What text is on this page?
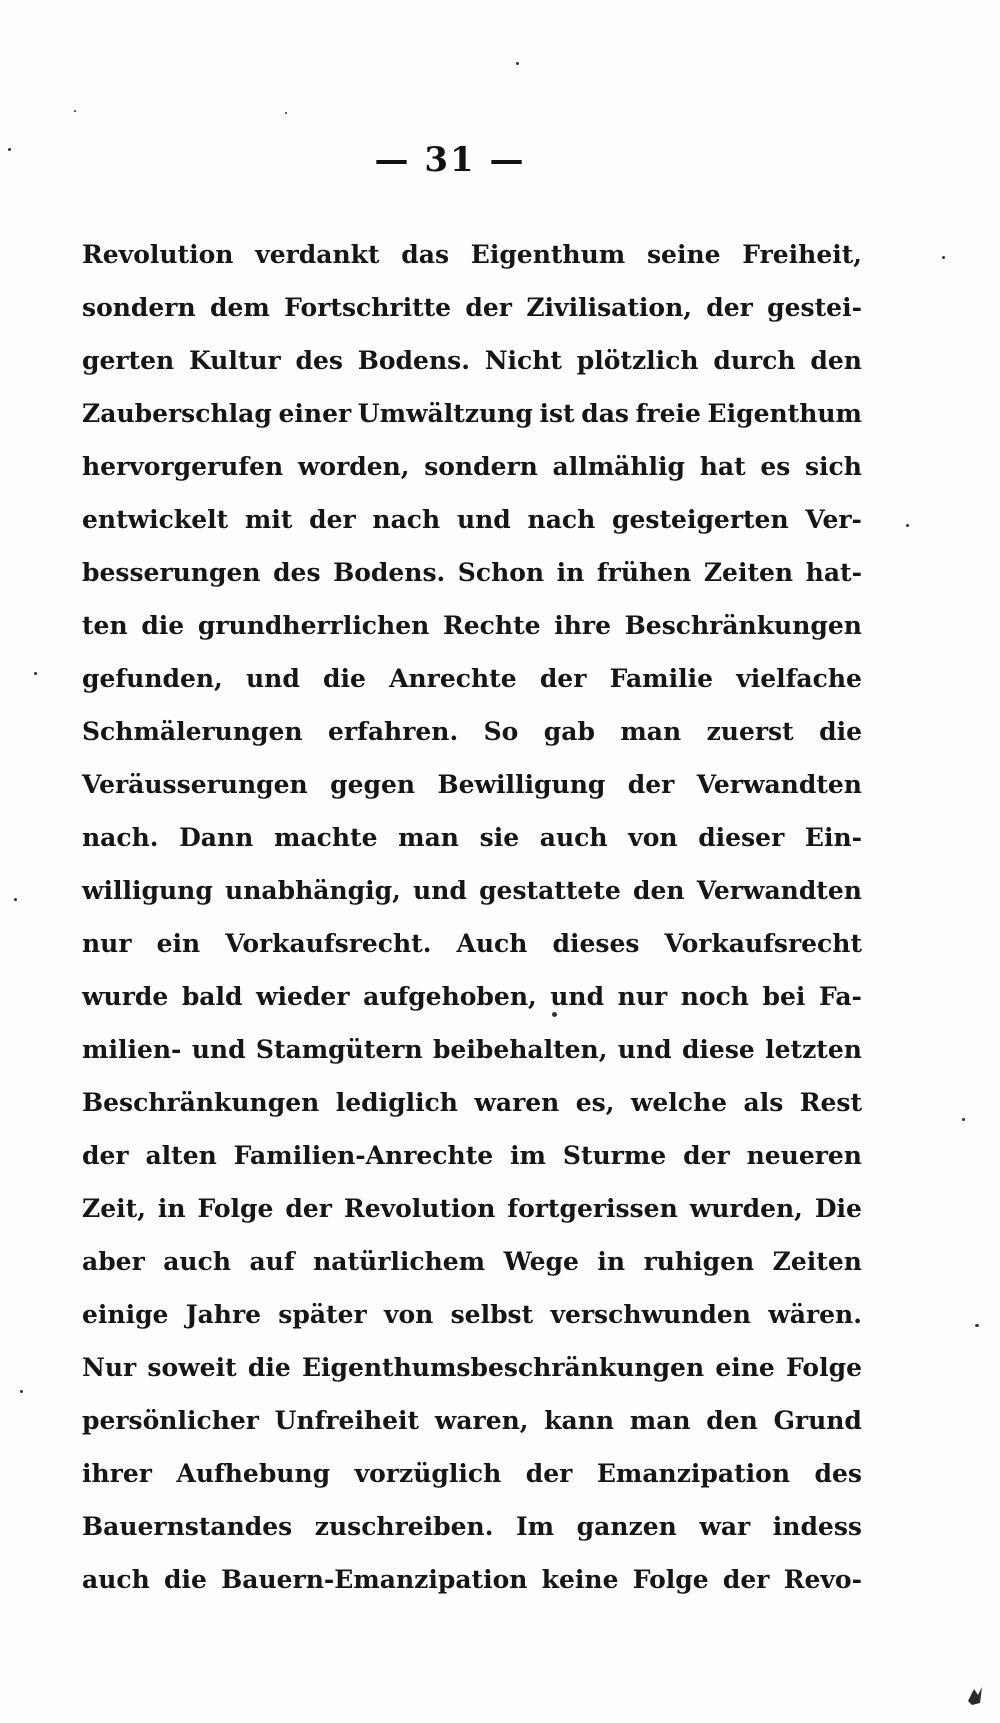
— 31 —
Revolution verdankt das Eigenthum seine Freiheit,
sondern dem Fortschritte der Zivilisation, der gestei-
gerten Kultur des Bodens. Nicht plötzlich durch den
Zauberschlag einer Umwältzung ist das freie Eigenthum
hervorgerufen worden, sondern allmählig hat es sich
entwickelt mit der nach und nach gesteigerten Ver-
besserungen des Bodens. Schon in frühen Zeiten hat-
ten die grundherrlichen Rechte ihre Beschränkungen
gefunden, und die Anrechte der Familie vielfache
Schmälerungen erfahren. So gab man zuerst die
Veräusserungen gegen Bewilligung der Verwandten
nach. Dann machte man sie auch von dieser Ein-
willigung unabhängig, und gestattete den Verwandten
nur ein Vorkaufsrecht. Auch dieses Vorkaufsrecht
wurde bald wieder aufgehoben, und nur noch bei Fa-
milien- und Stamgütern beibehalten, und diese letzten
Beschränkungen lediglich waren es, welche als Rest
der alten Familien-Anrechte im Sturme der neueren
Zeit, in Folge der Revolution fortgerissen wurden, Die
aber auch auf natürlichem Wege in ruhigen Zeiten
einige Jahre später von selbst verschwunden wären.
Nur soweit die Eigenthumsbeschränkungen eine Folge
persönlicher Unfreiheit waren, kann man den Grund
ihrer Aufhebung vorzüglich der Emanzipation des
Bauernstandes zuschreiben. Im ganzen war indess
auch die Bauern-Emanzipation keine Folge der Revo-
